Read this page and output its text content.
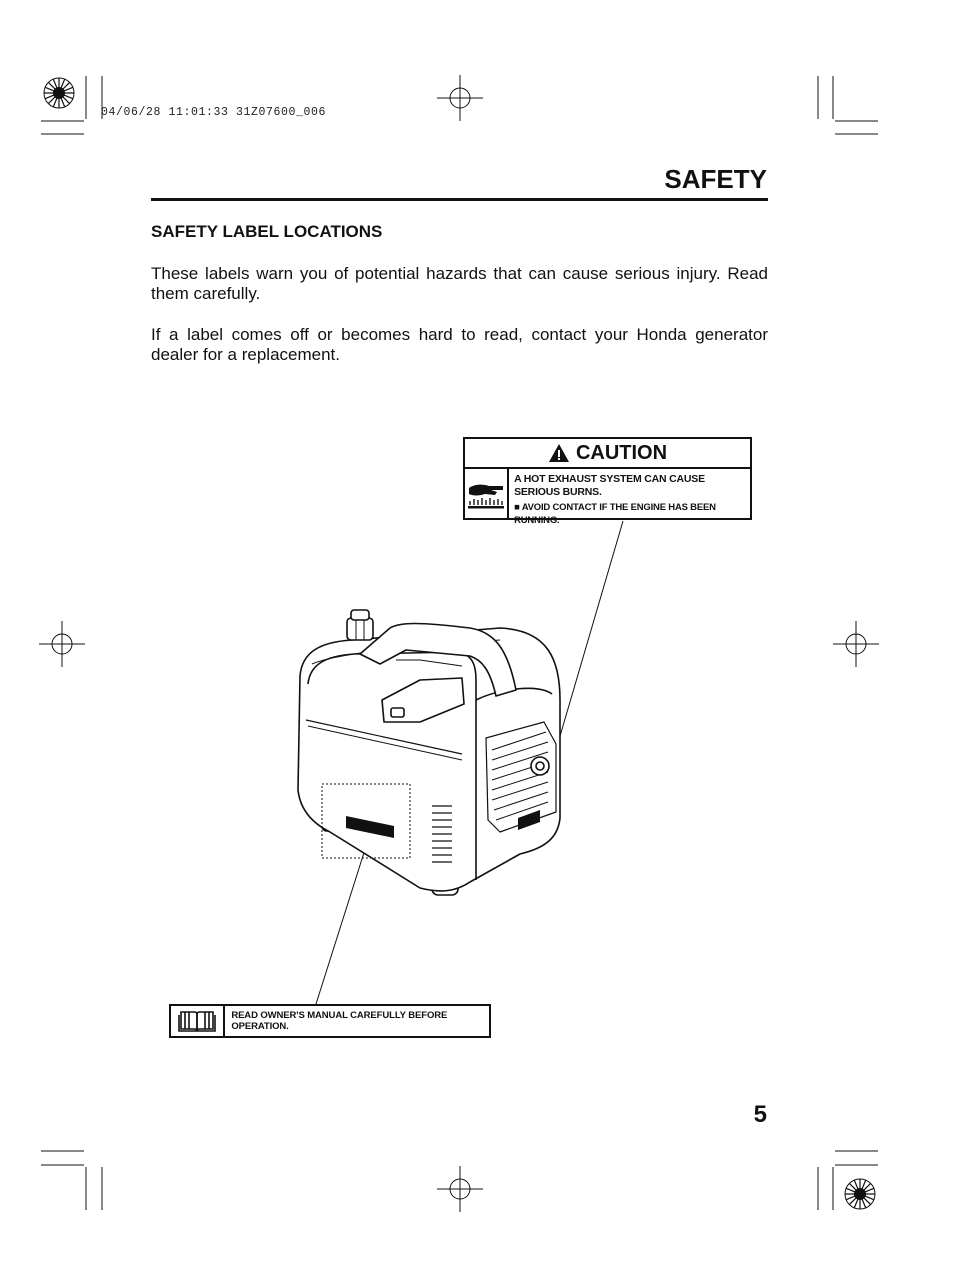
04/06/28 11:01:33 31Z07600_006
SAFETY
SAFETY LABEL LOCATIONS
These labels warn you of potential hazards that can cause serious injury. Read them carefully.
If a label comes off or becomes hard to read, contact your Honda generator dealer for a replacement.
CAUTION
A HOT EXHAUST SYSTEM CAN CAUSE SERIOUS BURNS.
■ AVOID CONTACT IF THE ENGINE HAS BEEN RUNNING.
READ OWNER'S MANUAL CAREFULLY BEFORE OPERATION.
5
